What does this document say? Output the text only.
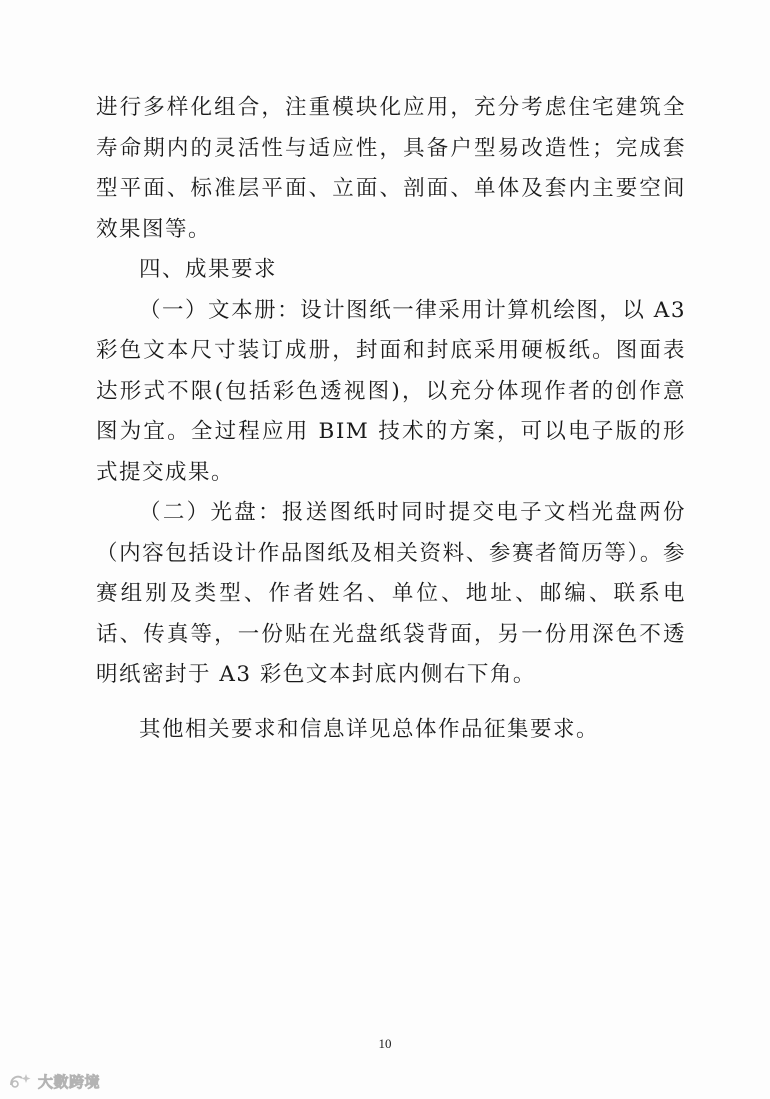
进行多样化组合，注重模块化应用，充分考虑住宅建筑全寿命期内的灵活性与适应性，具备户型易改造性；完成套型平面、标准层平面、立面、剖面、单体及套内主要空间效果图等。

四、成果要求

（一）文本册：设计图纸一律采用计算机绘图，以 A3 彩色文本尺寸装订成册，封面和封底采用硬板纸。图面表达形式不限(包括彩色透视图)，以充分体现作者的创作意图为宜。全过程应用 BIM 技术的方案，可以电子版的形式提交成果。

（二）光盘：报送图纸时同时提交电子文档光盘两份（内容包括设计作品图纸及相关资料、参赛者简历等）。参赛组别及类型、作者姓名、单位、地址、邮编、联系电话、传真等，一份贴在光盘纸袋背面，另一份用深色不透明纸密封于 A3 彩色文本封底内侧右下角。

其他相关要求和信息详见总体作品征集要求。

10
大數跨境
